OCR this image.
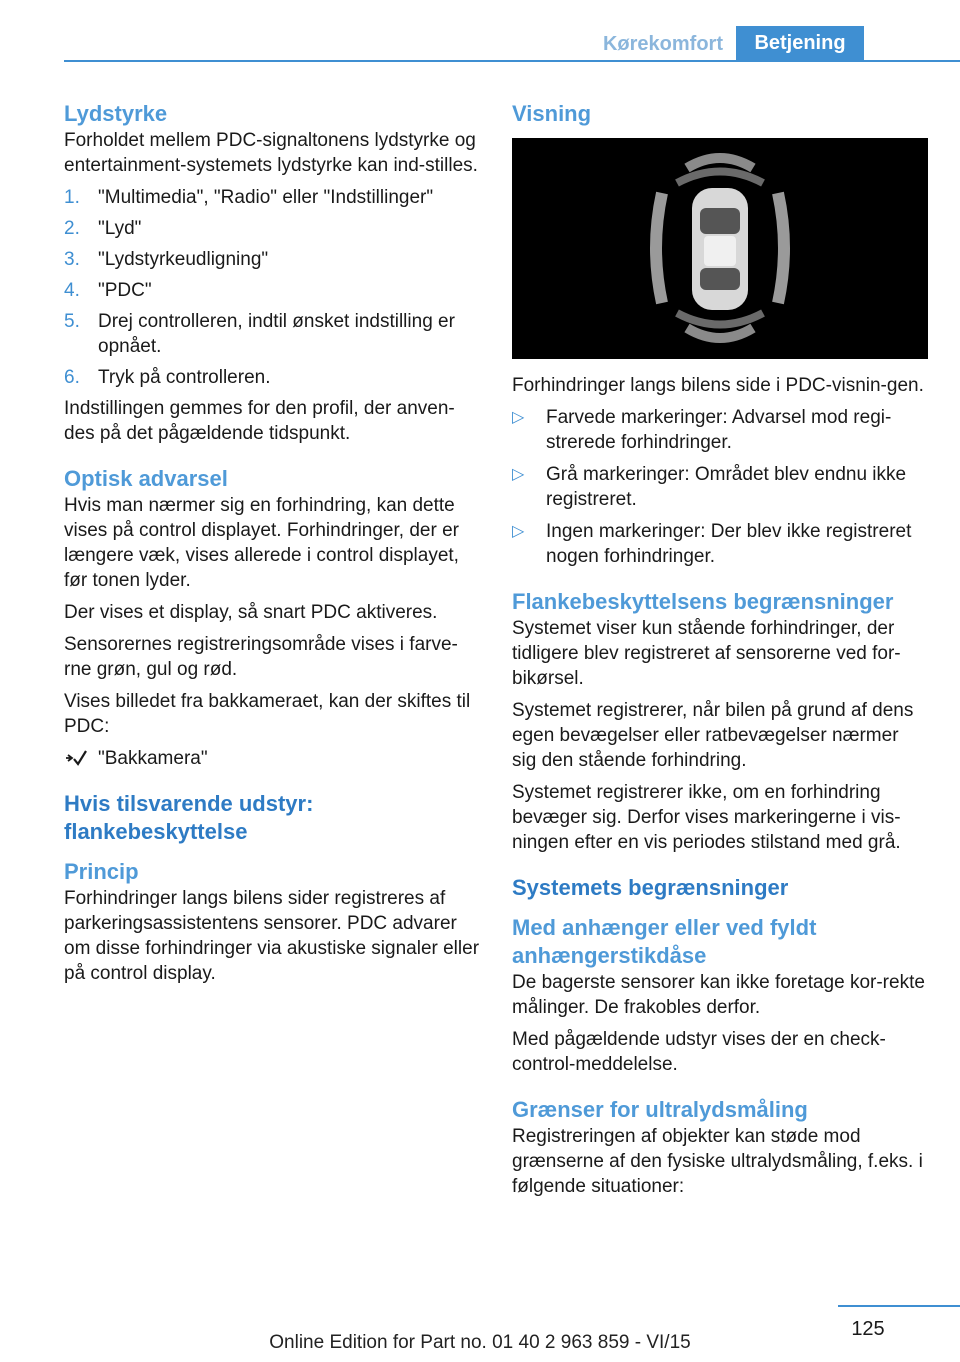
Kørekomfort	Betjening
Lydstyrke

Forholdet mellem PDC-signaltonens lydstyrke og entertainment-systemets lydstyrke kan ind-stilles.

1. "Multimedia", "Radio" eller "Indstillinger"
2. "Lyd"
3. "Lydstyrkeudligning"
4. "PDC"
5. Drej controlleren, indtil ønsket indstilling er opnået.
6. Tryk på controlleren.

Indstillingen gemmes for den profil, der anven-des på det pågældende tidspunkt.

Optisk advarsel

Hvis man nærmer sig en forhindring, kan dette vises på control displayet. Forhindringer, der er længere væk, vises allerede i control displayet, før tonen lyder.

Der vises et display, så snart PDC aktiveres.

Sensorernes registreringsområde vises i farve-rne grøn, gul og rød.

Vises billedet fra bakkameraet, kan der skiftes til PDC:

"Bakkamera"
Hvis tilsvarende udstyr: flankebeskyttelse
Princip

Forhindringer langs bilens sider registreres af parkeringsassistentens sensorer. PDC advarer om disse forhindringer via akustiske signaler eller på control display.

Visning

Forhindringer langs bilens side i PDC-visnin-gen.

▷ Farvede markeringer: Advarsel mod regi-strerede forhindringer.
▷ Grå markeringer: Området blev endnu ikke registreret.
▷ Ingen markeringer: Der blev ikke registreret nogen forhindringer.
Flankebeskyttelsens begrænsninger

Systemet viser kun stående forhindringer, der tidligere blev registreret af sensorerne ved for-bikørsel.

Systemet registrerer, når bilen på grund af dens egen bevægelser eller ratbevægelser nærmer sig den stående forhindring.

Systemet registrerer ikke, om en forhindring bevæger sig. Derfor vises markeringerne i vis-ningen efter en vis periodes stilstand med grå.

Systemets begrænsninger
Med anhænger eller ved fyldt anhængerstikdåse

De bagerste sensorer kan ikke foretage kor-rekte målinger. De frakobles derfor.

Med pågældende udstyr vises der en check-control-meddelelse.

Grænser for ultralydsmåling

Registreringen af objekter kan støde mod grænserne af den fysiske ultralydsmåling, f.eks. i følgende situationer:

125
Online Edition for Part no. 01 40 2 963 859 - VI/15
